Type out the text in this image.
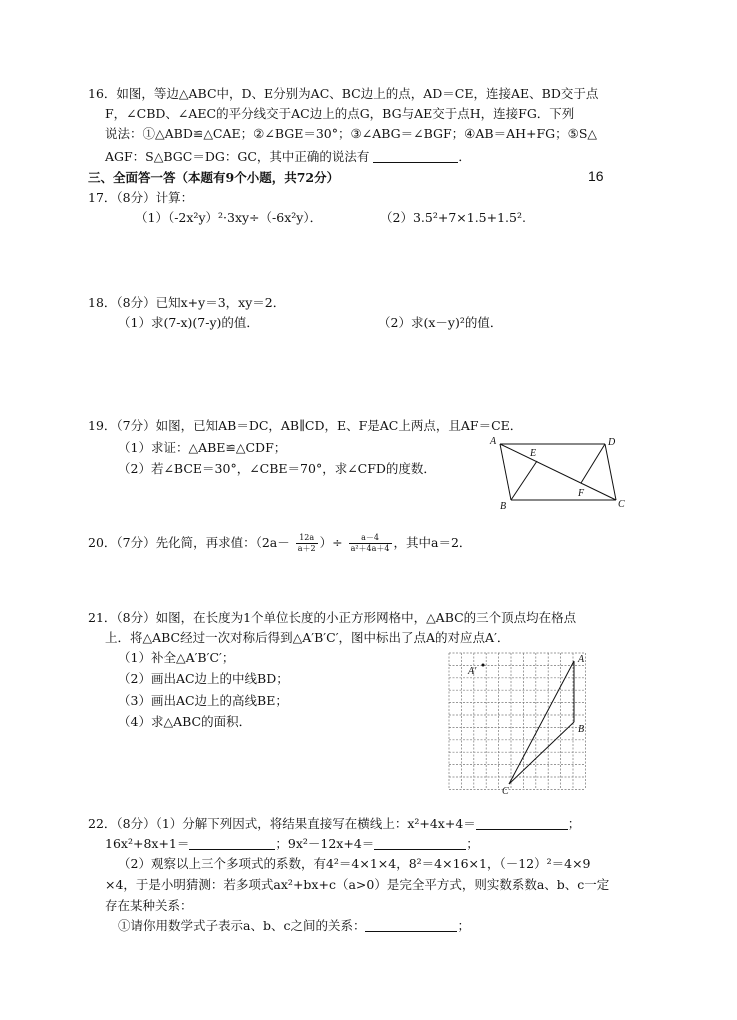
16．如图，等边△ABC中，D、E分别为AC、BC边上的点，AD＝CE，连接AE、BD交于点
F，∠CBD、∠AEC的平分线交于AC边上的点G，BG与AE交于点H，连接FG．下列
说法：①△ABD≌△CAE；②∠BGE＝30°；③∠ABG＝∠BGF；④AB＝AH+FG；⑤S△
AGF：S△BGC＝DG：GC，其中正确的说法有	．
三、全面答一答（本题有9个小题，共72分）	16
17．（8分）计算：
（1）（-2x²y）²·3xy÷（-6x²y）．	（2）3.5²+7×1.5+1.5².
18．（8分）已知x+y＝3，xy＝2．
（1）求(7-x)(7-y)的值．	（2）求(x－y)²的值．
19．（7分）如图，已知AB＝DC，AB∥CD，E、F是AC上两点，且AF＝CE．
（1）求证：△ABE≌△CDF；
（2）若∠BCE＝30°，∠CBE＝70°，求∠CFD的度数．
A	D
B	C
E
F
20．（7分）先化简，再求值：（$2a- \frac{12a}{a+2}$ ）÷ $\frac{a-4}{\text{a²＋4a＋4}}$ ，其中a＝2．
21．（8分）如图，在长度为1个单位长度的小正方形网格中，△ABC的三个顶点均在格点
上．将△ABC经过一次对称后得到△A′B′C′，图中标出了点A的对应点A′．
（1）补全△A′B′C′；
（2）画出AC边上的中线BD；
（3）画出AC边上的高线BE；
（4）求△ABC的面积．
A
A′
B
C
22．（8分）（1）分解下列因式，将结果直接写在横线上：x²+4x+4＝	；
16x²+8x+1＝	；9x²－12x+4＝	；
（2）观察以上三个多项式的系数，有4²＝4×1×4，8²＝4×16×1，（－12）²＝4×9
×4，于是小明猜测：若多项式ax²+bx+c（a>0）是完全平方式，则实数系数a、b、c一定
存在某种关系：
①请你用数学式子表示a、b、c之间的关系：	；
